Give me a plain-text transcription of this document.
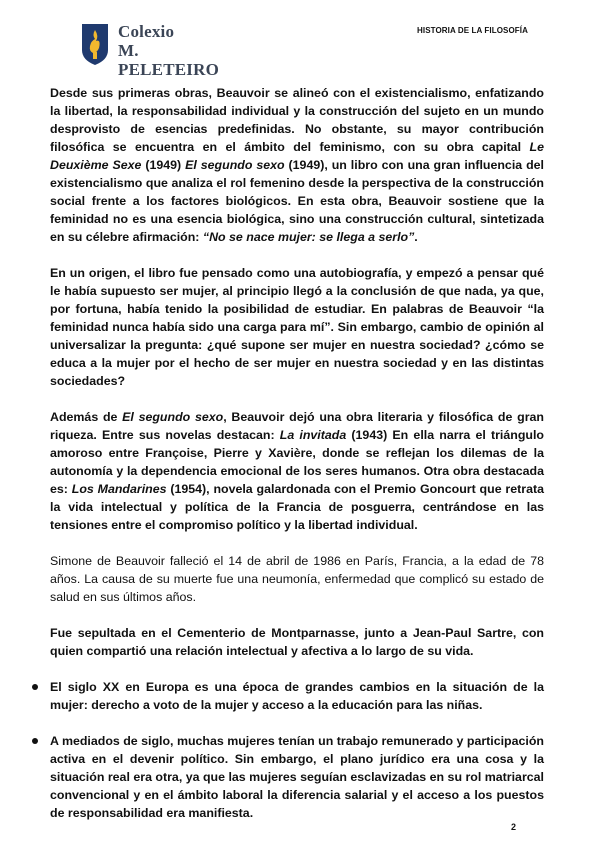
Colexio
M. PELETEIRO
HISTORIA DE LA FILOSOFÍA

Desde sus primeras obras, Beauvoir se alineó con el existencialismo, enfatizando la libertad, la responsabilidad individual y la construcción del sujeto en un mundo desprovisto de esencias predefinidas. No obstante, su mayor contribución filosófica se encuentra en el ámbito del feminismo, con su obra capital Le Deuxième Sexe (1949) El segundo sexo (1949), un libro con una gran influencia del existencialismo que analiza el rol femenino desde la perspectiva de la construcción social frente a los factores biológicos. En esta obra, Beauvoir sostiene que la feminidad no es una esencia biológica, sino una construcción cultural, sintetizada en su célebre afirmación: “No se nace mujer: se llega a serlo”.

En un origen, el libro fue pensado como una autobiografía, y empezó a pensar qué le había supuesto ser mujer, al principio llegó a la conclusión de que nada, ya que, por fortuna, había tenido la posibilidad de estudiar. En palabras de Beauvoir “la feminidad nunca había sido una carga para mí”. Sin embargo, cambio de opinión al universalizar la pregunta: ¿qué supone ser mujer en nuestra sociedad? ¿cómo se educa a la mujer por el hecho de ser mujer en nuestra sociedad y en las distintas sociedades?

Además de El segundo sexo, Beauvoir dejó una obra literaria y filosófica de gran riqueza. Entre sus novelas destacan: La invitada (1943) En ella narra el triángulo amoroso entre Françoise, Pierre y Xavière, donde se reflejan los dilemas de la autonomía y la dependencia emocional de los seres humanos. Otra obra destacada es: Los Mandarines (1954), novela galardonada con el Premio Goncourt que retrata la vida intelectual y política de la Francia de posguerra, centrándose en las tensiones entre el compromiso político y la libertad individual.

Simone de Beauvoir falleció el 14 de abril de 1986 en París, Francia, a la edad de 78 años. La causa de su muerte fue una neumonía, enfermedad que complicó su estado de salud en sus últimos años.

Fue sepultada en el Cementerio de Montparnasse, junto a Jean-Paul Sartre, con quien compartió una relación intelectual y afectiva a lo largo de su vida.

El siglo XX en Europa es una época de grandes cambios en la situación de la mujer: derecho a voto de la mujer y acceso a la educación para las niñas.
A mediados de siglo, muchas mujeres tenían un trabajo remunerado y participación activa en el devenir político. Sin embargo, el plano jurídico era una cosa y la situación real era otra, ya que las mujeres seguían esclavizadas en su rol matriarcal convencional y en el ámbito laboral la diferencia salarial y el acceso a los puestos de responsabilidad era manifiesta.
2
